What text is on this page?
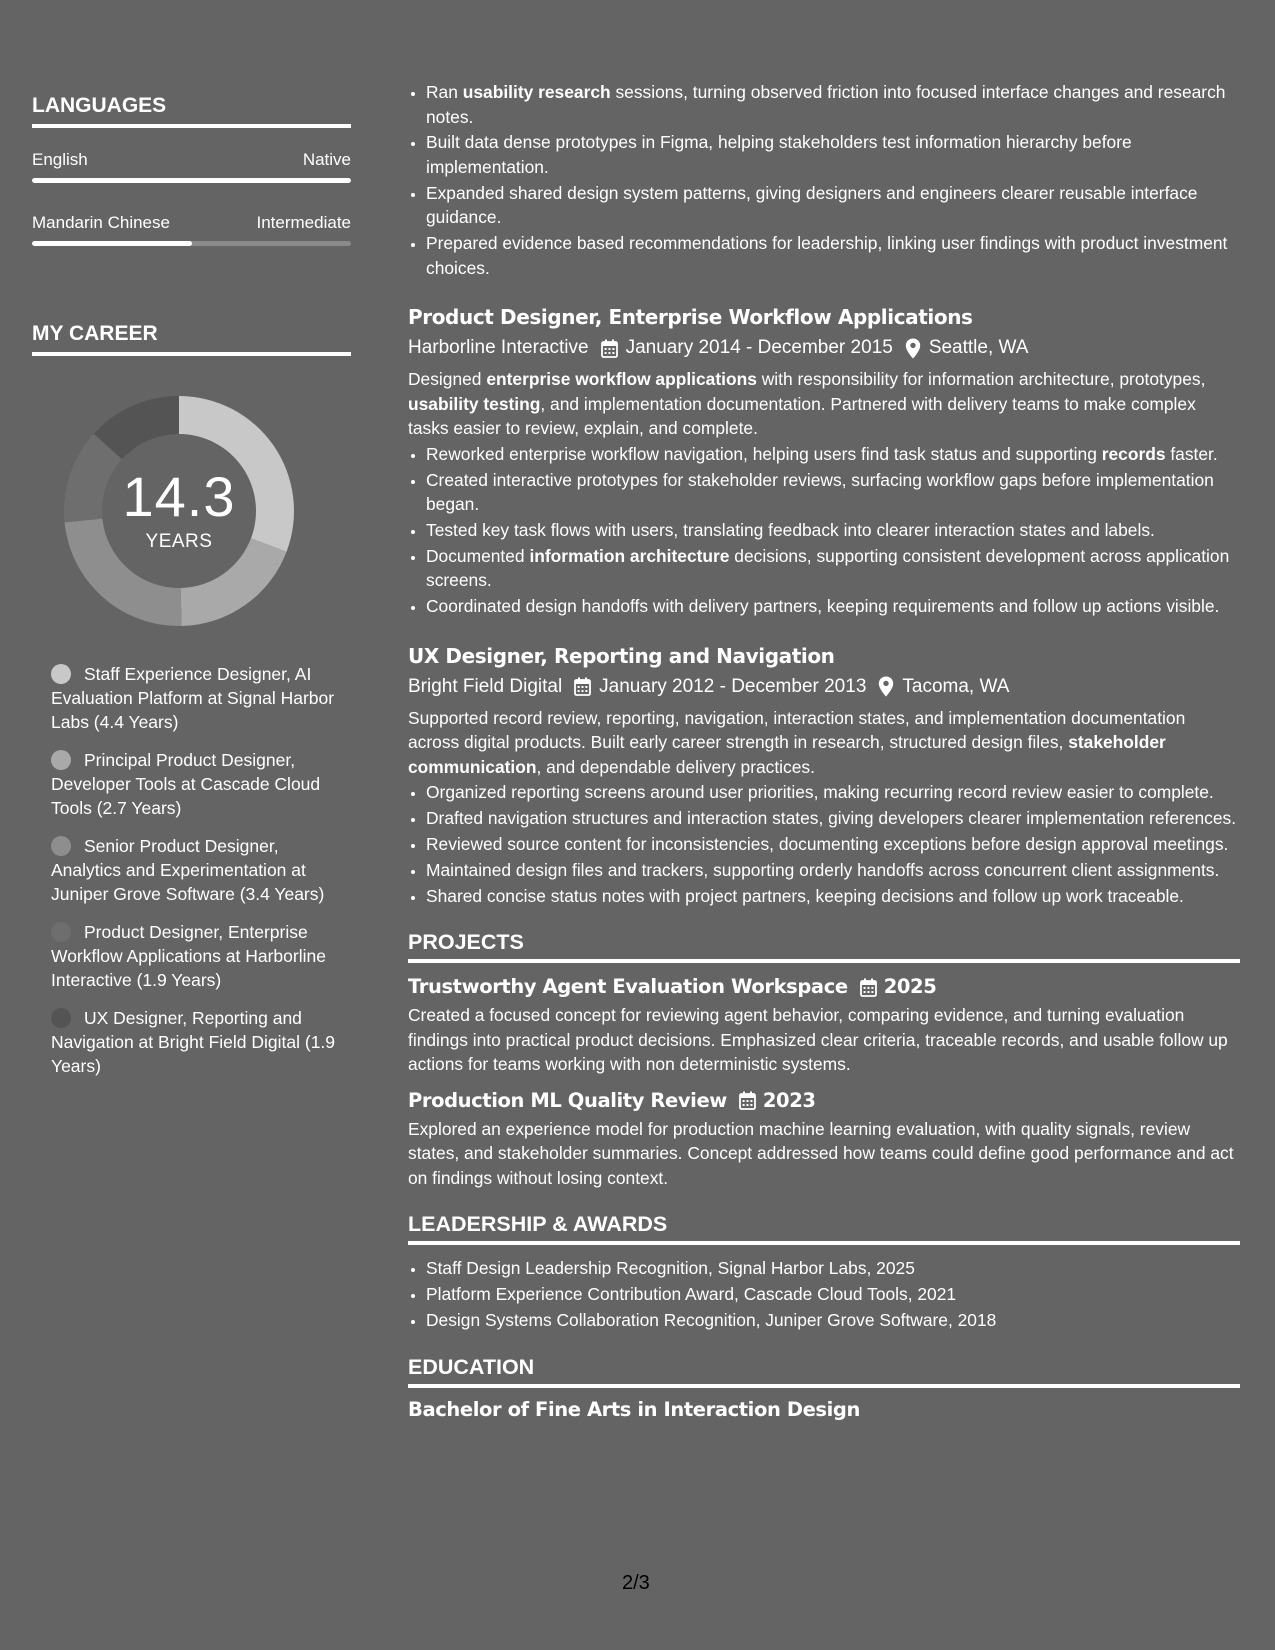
LANGUAGES
English	Native
Mandarin Chinese	Intermediate
MY CAREER
14.3
YEARS
Staff Experience Designer, AI Evaluation Platform at Signal Harbor Labs (4.4 Years)
Principal Product Designer, Developer Tools at Cascade Cloud Tools (2.7 Years)
Senior Product Designer, Analytics and Experimentation at Juniper Grove Software (3.4 Years)
Product Designer, Enterprise Workflow Applications at Harborline Interactive (1.9 Years)
UX Designer, Reporting and Navigation at Bright Field Digital (1.9 Years)
• Ran usability research sessions, turning observed friction into focused interface changes and research notes.
• Built data dense prototypes in Figma, helping stakeholders test information hierarchy before implementation.
• Expanded shared design system patterns, giving designers and engineers clearer reusable interface guidance.
• Prepared evidence based recommendations for leadership, linking user findings with product investment choices.
Product Designer, Enterprise Workflow Applications
Harborline Interactive January 2014 - December 2015 Seattle, WA

Designed enterprise workflow applications with responsibility for information architecture, prototypes, usability testing, and implementation documentation. Partnered with delivery teams to make complex tasks easier to review, explain, and complete.

• Reworked enterprise workflow navigation, helping users find task status and supporting records faster.
• Created interactive prototypes for stakeholder reviews, surfacing workflow gaps before implementation began.
• Tested key task flows with users, translating feedback into clearer interaction states and labels.
• Documented information architecture decisions, supporting consistent development across application screens.
• Coordinated design handoffs with delivery partners, keeping requirements and follow up actions visible.
UX Designer, Reporting and Navigation
Bright Field Digital January 2012 - December 2013 Tacoma, WA

Supported record review, reporting, navigation, interaction states, and implementation documentation across digital products. Built early career strength in research, structured design files, stakeholder communication, and dependable delivery practices.

• Organized reporting screens around user priorities, making recurring record review easier to complete.
• Drafted navigation structures and interaction states, giving developers clearer implementation references.
• Reviewed source content for inconsistencies, documenting exceptions before design approval meetings.
• Maintained design files and trackers, supporting orderly handoffs across concurrent client assignments.
• Shared concise status notes with project partners, keeping decisions and follow up work traceable.
PROJECTS
Trustworthy Agent Evaluation Workspace 2025

Created a focused concept for reviewing agent behavior, comparing evidence, and turning evaluation findings into practical product decisions. Emphasized clear criteria, traceable records, and usable follow up actions for teams working with non deterministic systems.

Production ML Quality Review 2023

Explored an experience model for production machine learning evaluation, with quality signals, review states, and stakeholder summaries. Concept addressed how teams could define good performance and act on findings without losing context.

LEADERSHIP & AWARDS
• Staff Design Leadership Recognition, Signal Harbor Labs, 2025
• Platform Experience Contribution Award, Cascade Cloud Tools, 2021
• Design Systems Collaboration Recognition, Juniper Grove Software, 2018
EDUCATION
Bachelor of Fine Arts in Interaction Design
2/3
